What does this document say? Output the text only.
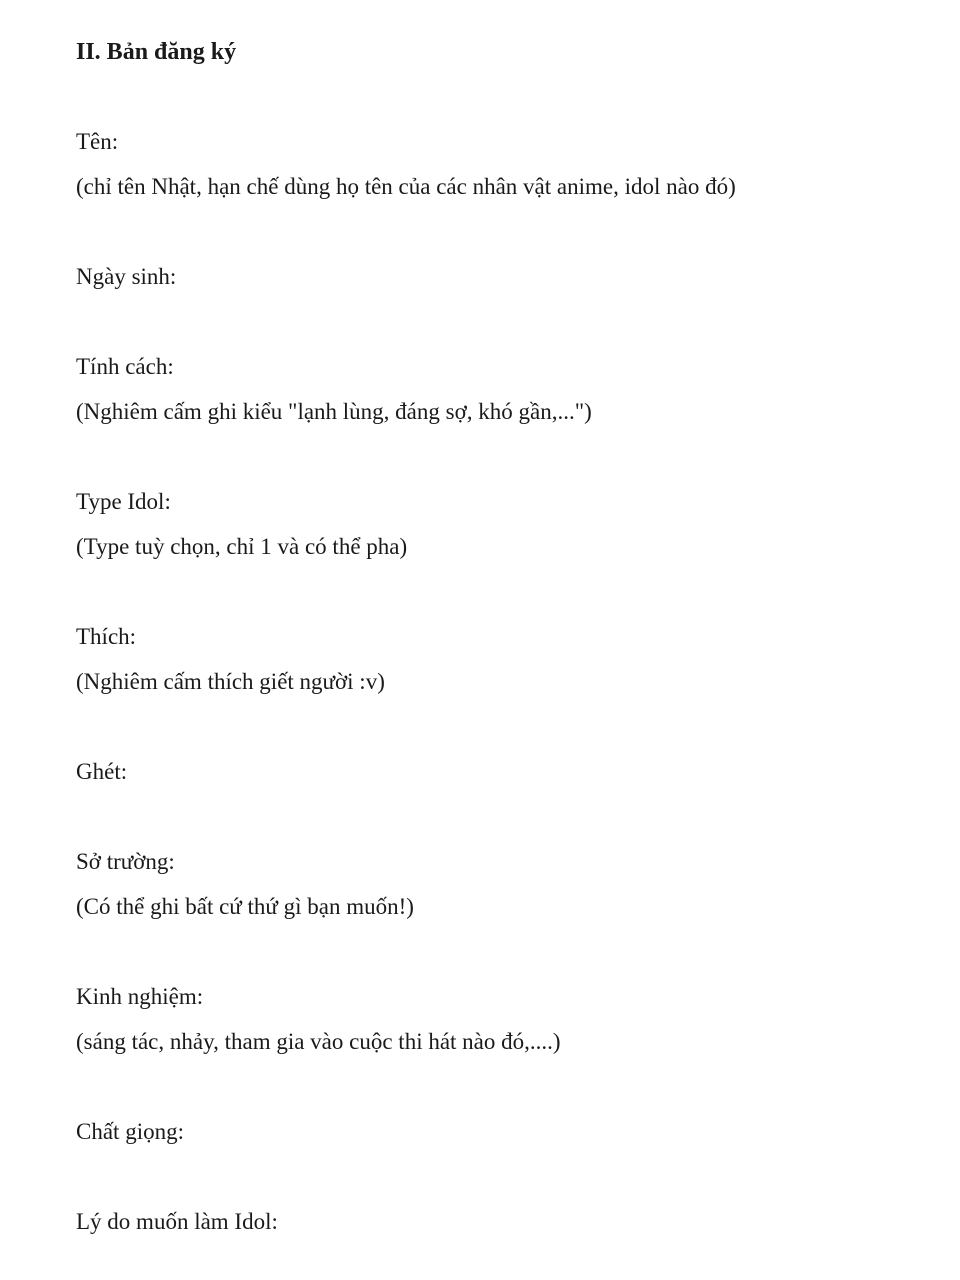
II. Bản đăng ký
Tên:
(chỉ tên Nhật, hạn chế dùng họ tên của các nhân vật anime, idol nào đó)
Ngày sinh:
Tính cách:
(Nghiêm cấm ghi kiểu "lạnh lùng, đáng sợ, khó gần,...")
Type Idol:
(Type tuỳ chọn, chỉ 1 và có thể pha)
Thích:
(Nghiêm cấm thích giết người :v)
Ghét:
Sở trường:
(Có thể ghi bất cứ thứ gì bạn muốn!)
Kinh nghiệm:
(sáng tác, nhảy, tham gia vào cuộc thi hát nào đó,....)
Chất giọng:
Lý do muốn làm Idol:
